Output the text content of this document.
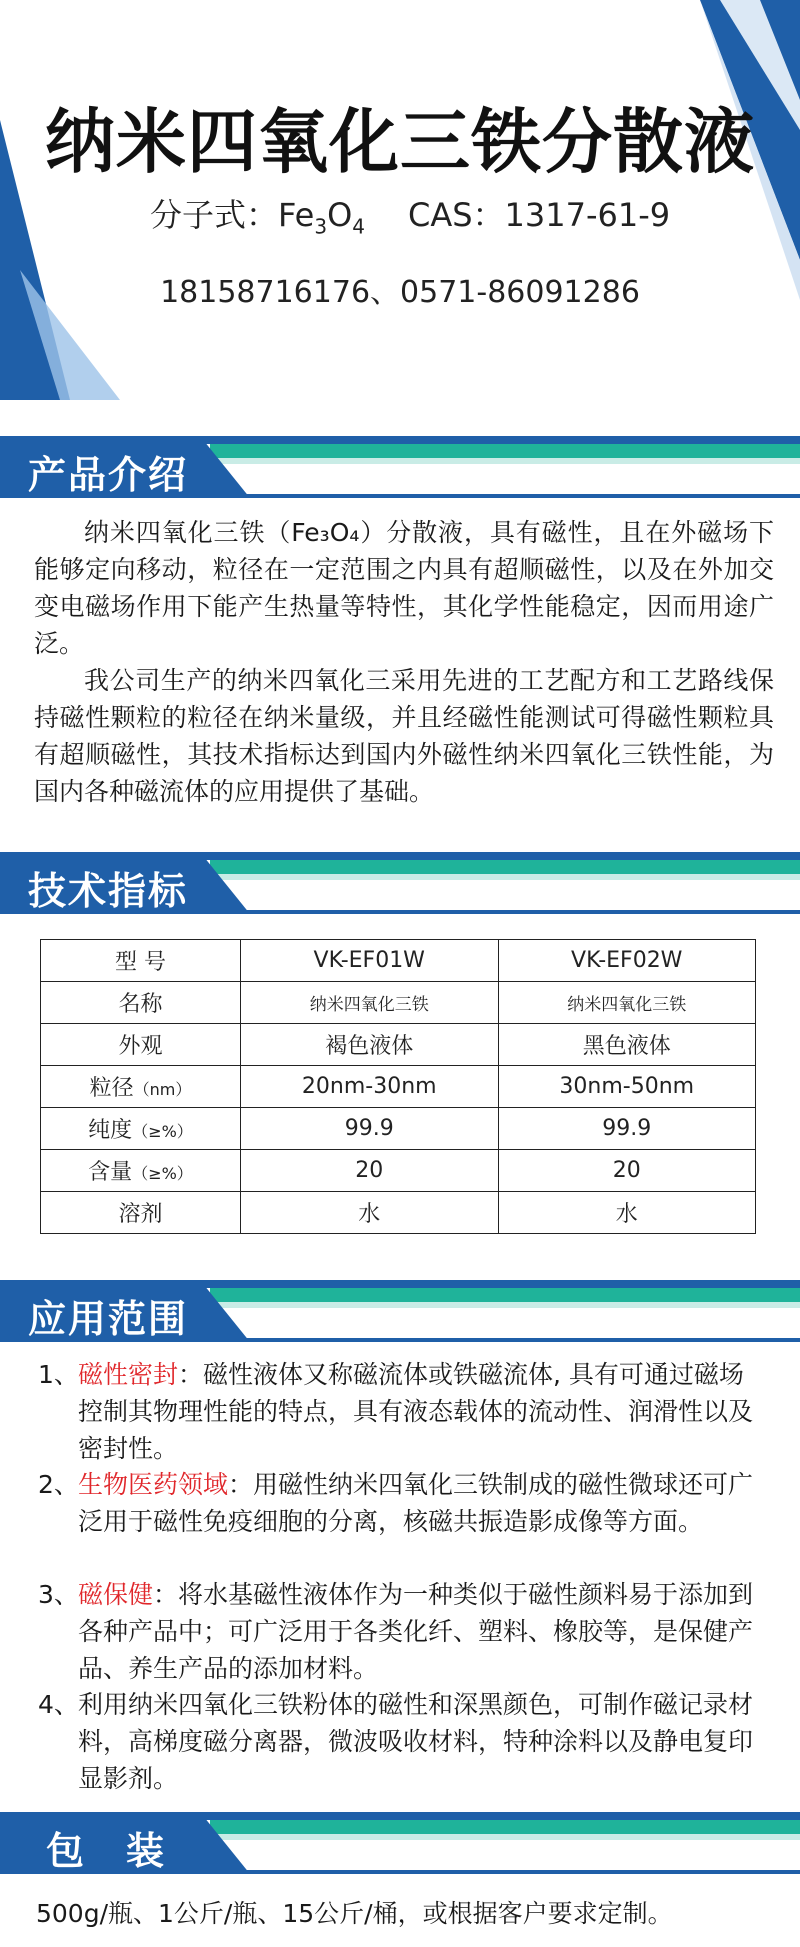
纳米四氧化三铁分散液
分子式：$Fe_3O_4$ CAS：1317-61-9
18158716176、0571-86091286
产品介绍
纳米四氧化三铁（Fe₃O₄）分散液，具有磁性，且在外磁场下能够定向移动，粒径在一定范围之内具有超顺磁性，以及在外加交变电磁场作用下能产生热量等特性，其化学性能稳定，因而用途广泛。
我公司生产的纳米四氧化三采用先进的工艺配方和工艺路线保持磁性颗粒的粒径在纳米量级，并且经磁性能测试可得磁性颗粒具有超顺磁性，其技术指标达到国内外磁性纳米四氧化三铁性能，为国内各种磁流体的应用提供了基础。
技术指标
型 号	VK-EF01W	VK-EF02W
名称	纳米四氧化三铁	纳米四氧化三铁
外观	褐色液体	黑色液体
粒径（nm）	20nm-30nm	30nm-50nm
纯度（≥%）	99.9	99.9
含量（≥%）	20	20
溶剂	水	水
应用范围
1、 磁性密封：磁性液体又称磁流体或铁磁流体, 具有可通过磁场控制其物理性能的特点，具有液态载体的流动性、润滑性以及密封性。
2、 生物医药领域：用磁性纳米四氧化三铁制成的磁性微球还可广泛用于磁性免疫细胞的分离，核磁共振造影成像等方面。
3、 磁保健：将水基磁性液体作为一种类似于磁性颜料易于添加到各种产品中；可广泛用于各类化纤、塑料、橡胶等，是保健产品、养生产品的添加材料。
4、 利用纳米四氧化三铁粉体的磁性和深黑颜色，可制作磁记录材料，高梯度磁分离器，微波吸收材料，特种涂料以及静电复印显影剂。
包　装
500g/瓶、1公斤/瓶、15公斤/桶，或根据客户要求定制。
